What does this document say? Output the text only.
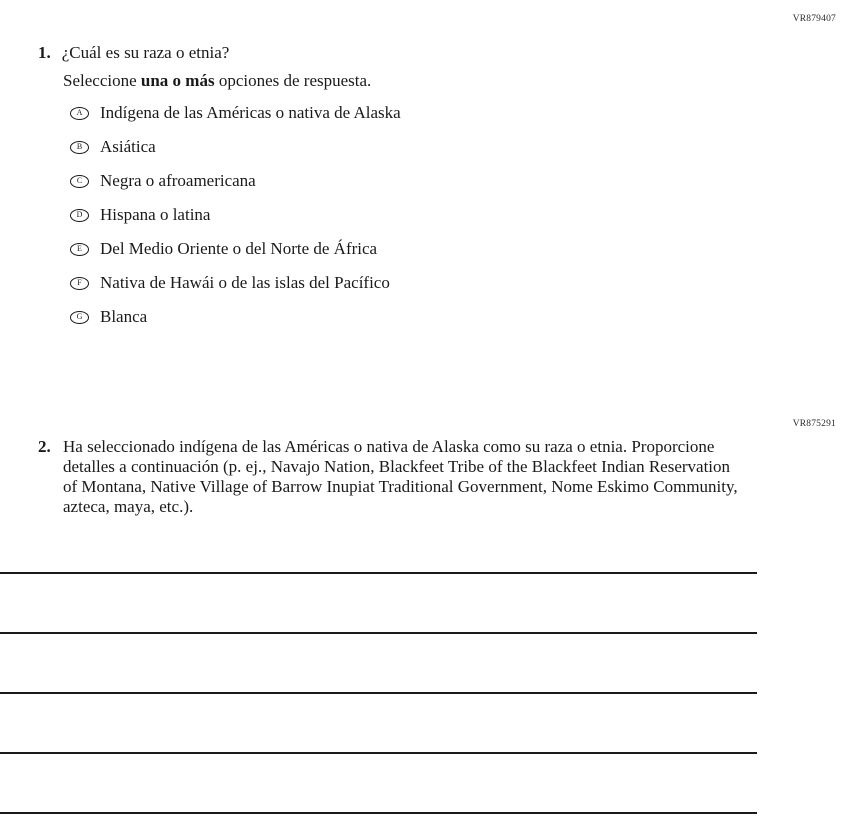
VR879407
1. ¿Cuál es su raza o etnia?
Seleccione una o más opciones de respuesta.
A Indígena de las Américas o nativa de Alaska
B Asiática
C Negra o afroamericana
D Hispana o latina
E Del Medio Oriente o del Norte de África
F Nativa de Hawái o de las islas del Pacífico
G Blanca
VR875291
2. Ha seleccionado indígena de las Américas o nativa de Alaska como su raza o etnia. Proporcione detalles a continuación (p. ej., Navajo Nation, Blackfeet Tribe of the Blackfeet Indian Reservation of Montana, Native Village of Barrow Inupiat Traditional Government, Nome Eskimo Community, azteca, maya, etc.).
